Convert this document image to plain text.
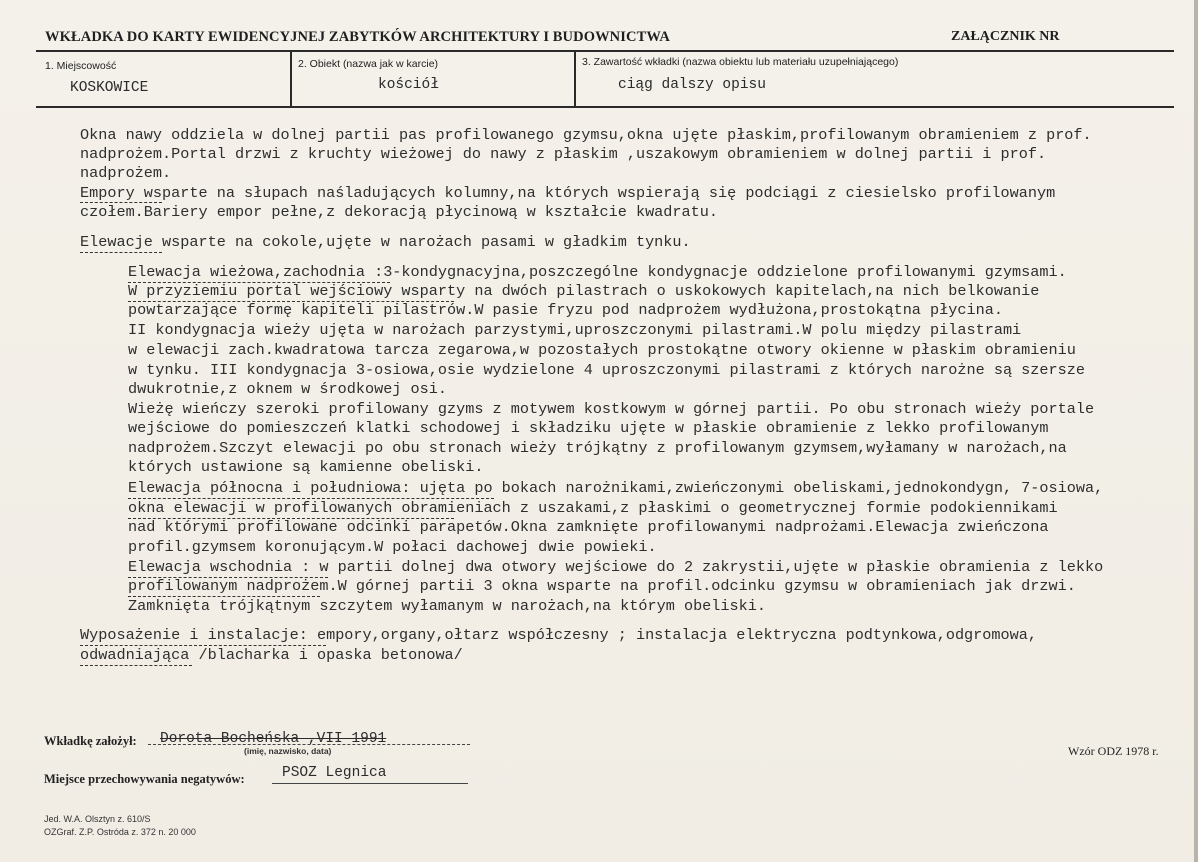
WKŁADKA DO KARTY EWIDENCYJNEJ ZABYTKÓW ARCHITEKTURY I BUDOWNICTWA	ZAŁĄCZNIK NR
1. Miejscowość
KOSKOWICE
2. Obiekt (nazwa jak w karcie)
kościół
3. Zawartość wkładki (nazwa obiektu lub materiału uzupełniającego)
ciąg dalszy opisu
Okna nawy oddziela w dolnej partii pas profilowanego gzymsu,okna ujęte płaskim,profilowanym obramieniem z prof.
nadprożem.Portal drzwi z kruchty wieżowej do nawy z płaskim ,uszakowym obramieniem w dolnej partii i prof.
nadprożem.
Empory wsparte na słupach naśladujących kolumny,na których wspierają się podciągi z ciesielsko profilowanym
czołem.Bariery empor pełne,z dekoracją płycinową w kształcie kwadratu.
Elewacje wsparte na cokole,ujęte w narożach pasami w gładkim tynku.
Elewacja wieżowa,zachodnia :3-kondygnacyjna,poszczególne kondygnacje oddzielone profilowanymi gzymsami.
W przyziemiu portal wejściowy wsparty na dwóch pilastrach o uskokowych kapitelach,na nich belkowanie
powtarzające formę kapiteli pilastrów.W pasie fryzu pod nadprożem wydłużona,prostokątna płycina.
II kondygnacja wieży ujęta w narożach parzystymi,uproszczonymi pilastrami.W polu między pilastrami
w elewacji zach.kwadratowa tarcza zegarowa,w pozostałych prostokątne otwory okienne w płaskim obramieniu
w tynku. III kondygnacja 3-osiowa,osie wydzielone 4 uproszczonymi pilastrami z których narożne są szersze
dwukrotnie,z oknem w środkowej osi.
Wieżę wieńczy szeroki profilowany gzyms z motywem kostkowym w górnej partii. Po obu stronach wieży portale
wejściowe do pomieszczeń klatki schodowej i składziku ujęte w płaskie obramienie z lekko profilowanym
nadprożem.Szczyt elewacji po obu stronach wieży trójkątny z profilowanym gzymsem,wyłamany w narożach,na
których ustawione są kamienne obeliski.
Elewacja północna i południowa: ujęta po bokach narożnikami,zwieńczonymi obeliskami,jednokondygn, 7-osiowa,
okna elewacji w profilowanych obramieniach z uszakami,z płaskimi o geometrycznej formie podokiennikami
nad którymi profilowane odcinki parapetów.Okna zamknięte profilowanymi nadprożami.Elewacja zwieńczona
profil.gzymsem koronującym.W połaci dachowej dwie powieki.
Elewacja wschodnia : w partii dolnej dwa otwory wejściowe do 2 zakrystii,ujęte w płaskie obramienia z lekko
profilowanym nadprożem.W górnej partii 3 okna wsparte na profil.odcinku gzymsu w obramieniach jak drzwi.
Zamknięta trójkątnym szczytem wyłamanym w narożach,na którym obeliski.
Wyposażenie i instalacje: empory,organy,ołtarz współczesny ; instalacja elektryczna podtynkowa,odgromowa,
odwadniająca /blacharka i opaska betonowa/
Wkładkę założył: Dorota Bocheńska ,VII 1991
(imię, nazwisko, data)
Miejsce przechowywania negatywów:	PSOZ Legnica
Wzór ODZ 1978 r.
Jed. W.A. Olsztyn z. 610/S
OZGraf. Z.P. Ostróda z. 372 n. 20 000
